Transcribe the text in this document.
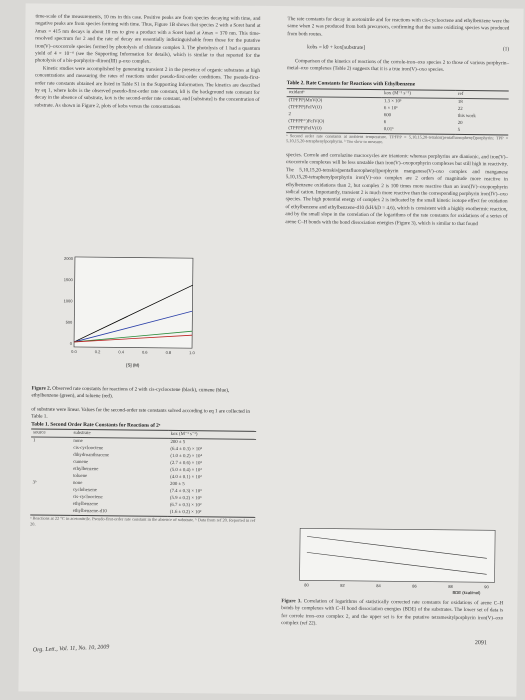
time-scale of the measurements, 10 ms in this case. Positive peaks are from species decaying with time, and negative peaks are from species forming with time. Thus, Figure 1B shows that species 2 with a Soret band at λmax = 415 nm decays in about 10 ms to give a product with a Soret band at λmax = 370 nm. This time-resolved spectrum for 2 and the rate of decay are essentially indistinguishable from those for the putative iron(V)–oxocorrole species formed by photolysis of chlorate complex 3. The photolysis of 1 had a quantum yield of 4 × 10⁻⁴ (see the Supporting Information for details), which is similar to that reported for the photolysis of a bis-porphyrin–diiron(III) μ-oxo complex.

Kinetic studies were accomplished by generating transient 2 in the presence of organic substrates at high concentrations and measuring the rates of reactions under pseudo-first-order conditions. The pseudo-first-order rate constants obtained are listed in Table S1 in the Supporting Information. The kinetics are described by eq 1, where kobs is the observed pseudo-first-order rate constant, k0 is the background rate constant for decay in the absence of substrate, kox is the second-order rate constant, and [substrate] is the concentration of substrate. As shown in Figure 2, plots of kobs versus the concentrations

2000
1500
1000
500
0
0.0	0.2	0.4	0.6	0.8	1.0
[S] (M)

Figure 2. Observed rate constants for reactions of 2 with cis-cyclooctene (black), cumene (blue), ethylbenzene (green), and toluene (red).

of substrate were linear. Values for the second-order rate constants solved according to eq 1 are collected in Table 1.

Table 1. Second Order Rate Constants for Reactions of 2ᵃ
source	substrate	kox (M⁻¹ s⁻¹)
1	none	200 ± 5
	cis-cyclooctene	(6.4 ± 0.3) × 10³
	dihydroanthracene	(1.0 ± 0.2) × 10⁴
	cumene	(2.7 ± 0.6) × 10³
	ethylbenzene	(5.0 ± 0.4) × 10²
	toluene	(4.0 ± 0.1) × 10²
3ᵇ	none	200 ± 5
	cyclohexene	(7.4 ± 0.3) × 10³
	cis-cyclooctene	(5.9 ± 0.2) × 10³
	ethylbenzene	(6.7 ± 0.3) × 10²
	ethylbenzene-d10	(1.6 ± 0.2) × 10²
ᵃ Reactions at 22 °C in acetonitrile. Pseudo-first-order rate constant in the absence of substrate. ᵇ Data from ref 20. Reported in ref 20.

The rate constants for decay in acetonitrile and for reactions with cis-cyclooctene and ethylbenzene were the same when 2 was produced from both precursors, confirming that the same oxidizing species was produced from both routes.

kobs = k0 + kox[substrate]	(1)

Comparison of the kinetics of reactions of the corrole-iron–oxo species 2 to those of various porphyrin–metal–oxo complexes (Table 2) suggests that it is a true iron(V)–oxo species.

Table 2. Rate Constants for Reactions with Ethylbenzene
oxidantᵃ	kox (M⁻¹ s⁻¹)	ref
(TPFPP)MnV(O)	1.3 × 10³	18
(TPFPP)FeIV(O)	6 × 10¹	22
2	600	this work
(TPFPP⁺)FeIV(O)	6	20
(TPFPP)FeIV(O)	0.01ᵇ	5
ᵃ Second order rate constants at ambient temperature. TPFPP = 5,10,15,20-tetrakis(pentafluorophenyl)porphyrin; TPP = 5,10,15,20-tetraphenylporphyrin. ᵇ Too slow to measure.

species. Corrole and corrolazine macrocycles are trianionic whereas porphyrins are dianionic, and iron(V)–oxocorrole complexes will be less unstable than iron(V)–oxoporphyrin complexes but still high in reactivity. The 5,10,15,20-tetrakis(pentafluorophenyl)porphyrin manganese(V)–oxo complex and manganese 5,10,15,20-tetraphenylporphyrin iron(V)–oxo complex are 2 orders of magnitude more reactive in ethylbenzene oxidations than 2, but complex 2 is 100 times more reactive than an iron(IV)–oxoporphyrin radical cation. Importantly, transient 2 is much more reactive than the corresponding porphyrin iron(IV)–oxo species. The high potential energy of complex 2 is indicated by the small kinetic isotope effect for oxidation of ethylbenzene and ethylbenzene-d10 (kH/kD = 4.6), which is consistent with a highly exothermic reaction, and by the small slope in the correlation of the logarithms of the rate constants for oxidations of a series of arene C–H bonds with the bond dissociation energies (Figure 3), which is similar to that found

80	82	84	86	88	90
BDE (kcal/mol)
Figure 3. Correlation of logarithms of statistically corrected rate constants for oxidations of arene C–H bonds by complexes with C–H bond dissociation energies (BDE) of the substrates. The lower set of data is for corrole iron–oxo complex 2, and the upper set is for the putative tetramesitylporphyrin iron(V)–oxo complex (ref 22).
2091
Org. Lett., Vol. 11, No. 10, 2009
